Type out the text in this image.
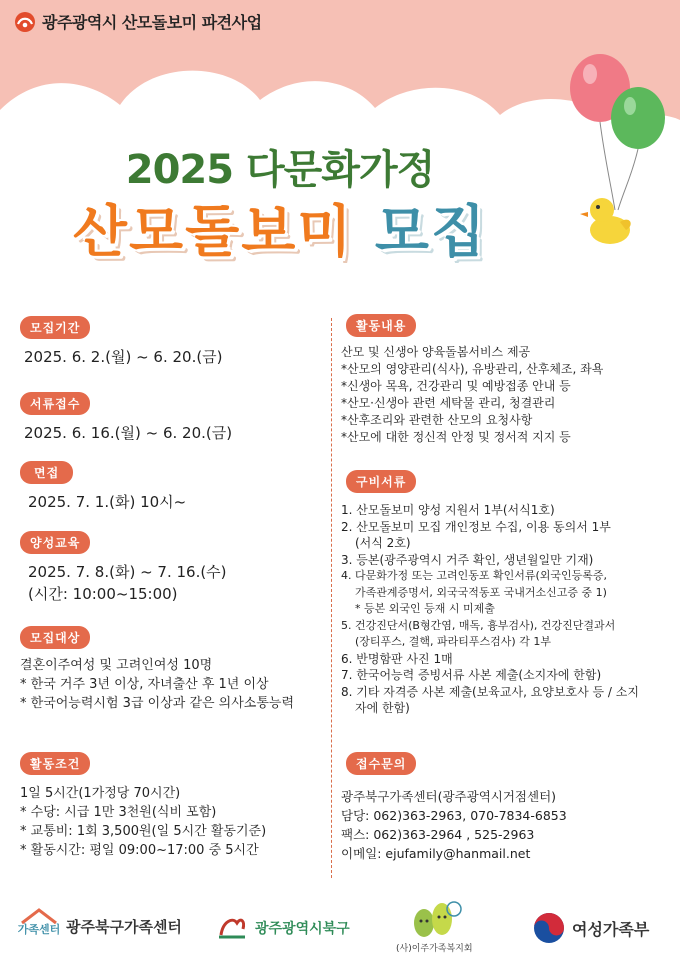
광주광역시 산모돌보미 파견사업
2025 다문화가정
산모돌보미 모집
모집기간
2025. 6. 2.(월) ~ 6. 20.(금)
서류접수
2025. 6. 16.(월) ~ 6. 20.(금)
면접
2025. 7. 1.(화) 10시~
양성교육
2025. 7. 8.(화) ~ 7. 16.(수)
(시간: 10:00~15:00)
모집대상
결혼이주여성 및 고려인여성 10명
* 한국 거주 3년 이상, 자녀출산 후 1년 이상
* 한국어능력시험 3급 이상과 같은 의사소통능력
활동조건
1일 5시간(1가정당 70시간)
* 수당: 시급 1만 3천원(식비 포함)
* 교통비: 1회 3,500원(일 5시간 활동기준)
* 활동시간: 평일 09:00~17:00 중 5시간
활동내용
산모 및 신생아 양육돌봄서비스 제공
*산모의 영양관리(식사), 유방관리, 산후체조, 좌욕
*신생아 목욕, 건강관리 및 예방접종 안내 등
*산모·신생아 관련 세탁물 관리, 청결관리
*산후조리와 관련한 산모의 요청사항
*산모에 대한 정신적 안정 및 정서적 지지 등
구비서류
1. 산모돌보미 양성 지원서 1부(서식1호)
2. 산모돌보미 모집 개인정보 수집, 이용 동의서 1부
(서식 2호)
3. 등본(광주광역시 거주 확인, 생년월일만 기재)
4. 다문화가정 또는 고려인동포 확인서류(외국인등록증,
가족관계증명서, 외국국적동포 국내거소신고증 중 1)
* 등본 외국인 등재 시 미제출
5. 건강진단서(B형간염, 매독, 흉부검사), 건강진단결과서
(장티푸스, 결핵, 파라티푸스검사) 각 1부
6. 반명함판 사진 1매
7. 한국어능력 증빙서류 사본 제출(소지자에 한함)
8. 기타 자격증 사본 제출(보육교사, 요양보호사 등 / 소지
자에 한함)
접수문의
광주북구가족센터(광주광역시거점센터)
담당: 062)363-2963, 070-7834-6853
팩스: 062)363-2964 , 525-2963
이메일: ejufamily@hanmail.net
가족센터 광주북구가족센터	광주광역시북구
(사)이주가족복지회
여성가족부
